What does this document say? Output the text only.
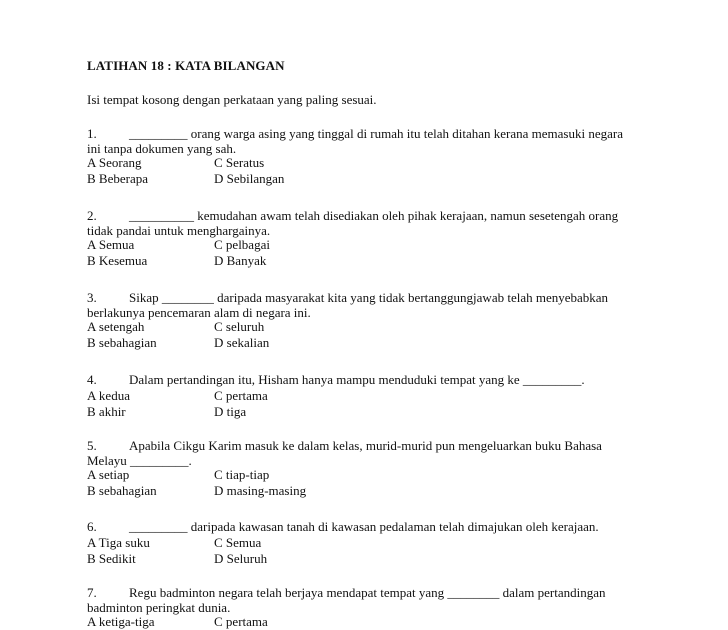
LATIHAN 18 : KATA BILANGAN
Isi tempat kosong dengan perkataan yang paling sesuai.
1. _________ orang warga asing yang tinggal di rumah itu telah ditahan kerana memasuki negara
ini tanpa dokumen yang sah.
A Seorang	C Seratus
B Beberapa	D Sebilangan
2. __________ kemudahan awam telah disediakan oleh pihak kerajaan, namun sesetengah orang
tidak pandai untuk menghargainya.
A Semua	C pelbagai
B Kesemua	D Banyak
3. Sikap ________ daripada masyarakat kita yang tidak bertanggungjawab telah menyebabkan
berlakunya pencemaran alam di negara ini.
A setengah	C seluruh
B sebahagian	D sekalian
4. Dalam pertandingan itu, Hisham hanya mampu menduduki tempat yang ke _________.
A kedua	C pertama
B akhir	D tiga
5. Apabila Cikgu Karim masuk ke dalam kelas, murid-murid pun mengeluarkan buku Bahasa
Melayu _________.
A setiap	C tiap-tiap
B sebahagian	D masing-masing
6. _________ daripada kawasan tanah di kawasan pedalaman telah dimajukan oleh kerajaan.
A Tiga suku	C Semua
B Sedikit	D Seluruh
7. Regu badminton negara telah berjaya mendapat tempat yang ________ dalam pertandingan
badminton peringkat dunia.
A ketiga-tiga	C pertama
